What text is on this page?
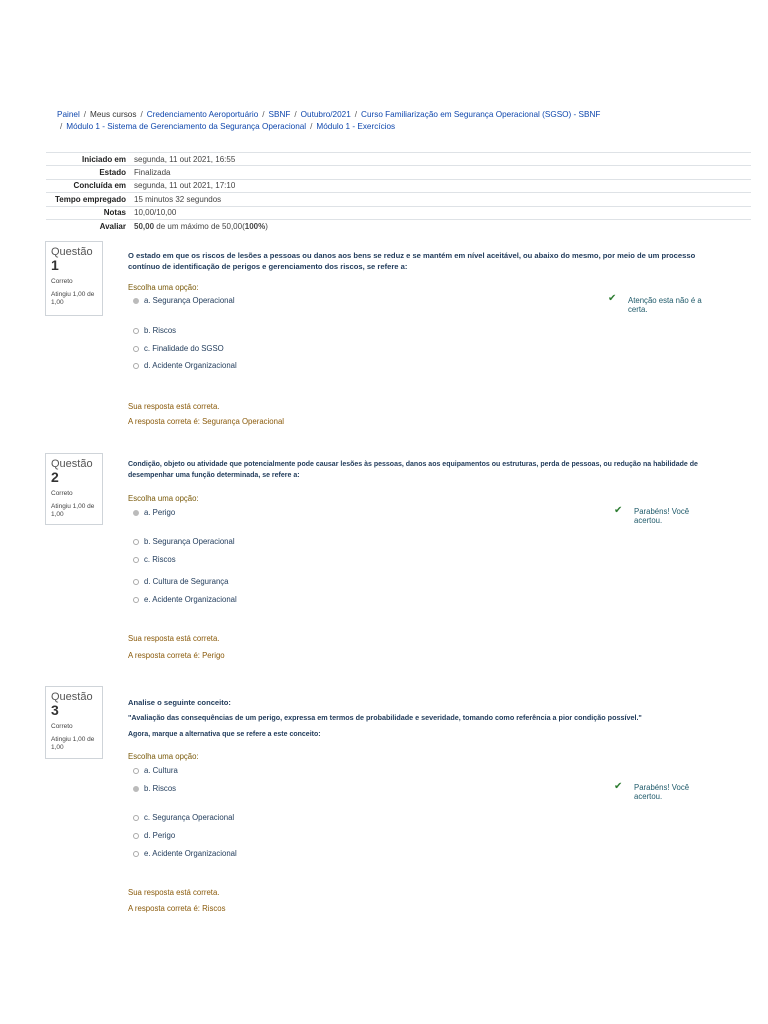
Painel / Meus cursos / Credenciamento Aeroportuário / SBNF / Outubro/2021 / Curso Familiarização em Segurança Operacional (SGSO) - SBNF
/ Módulo 1 - Sistema de Gerenciamento da Segurança Operacional / Módulo 1 - Exercícios
Iniciado em	segunda, 11 out 2021, 16:55
Estado	Finalizada
Concluída em	segunda, 11 out 2021, 17:10
Tempo empregado	15 minutos 32 segundos
Notas	10,00/10,00
Avaliar	50,00 de um máximo de 50,00(100%)
Questão
1
Correto
Atingiu 1,00 de 1,00
O estado em que os riscos de lesões a pessoas ou danos aos bens se reduz e se mantém em nível aceitável, ou abaixo do mesmo, por meio de um processo contínuo de identificação de perigos e gerenciamento dos riscos, se refere a:
Escolha uma opção:
a. Segurança Operacional
b. Riscos
c. Finalidade do SGSO
d. Acidente Organizacional
✔ Atenção esta não é a certa.
Sua resposta está correta.
A resposta correta é: Segurança Operacional
Questão
2
Correto
Atingiu 1,00 de 1,00
Condição, objeto ou atividade que potencialmente pode causar lesões às pessoas, danos aos equipamentos ou estruturas, perda de pessoas, ou redução na habilidade de desempenhar uma função determinada, se refere a:
Escolha uma opção:
a. Perigo
b. Segurança Operacional
c. Riscos
d. Cultura de Segurança
e. Acidente Organizacional
✔ Parabéns! Você acertou.
Sua resposta está correta.
A resposta correta é: Perigo
Questão
3
Correto
Atingiu 1,00 de 1,00
Analise o seguinte conceito:
"Avaliação das consequências de um perigo, expressa em termos de probabilidade e severidade, tomando como referência a pior condição possível."
Agora, marque a alternativa que se refere a este conceito:
Escolha uma opção:
a. Cultura
b. Riscos
c. Segurança Operacional
d. Perigo
e. Acidente Organizacional
✔ Parabéns! Você acertou.
Sua resposta está correta.
A resposta correta é: Riscos
